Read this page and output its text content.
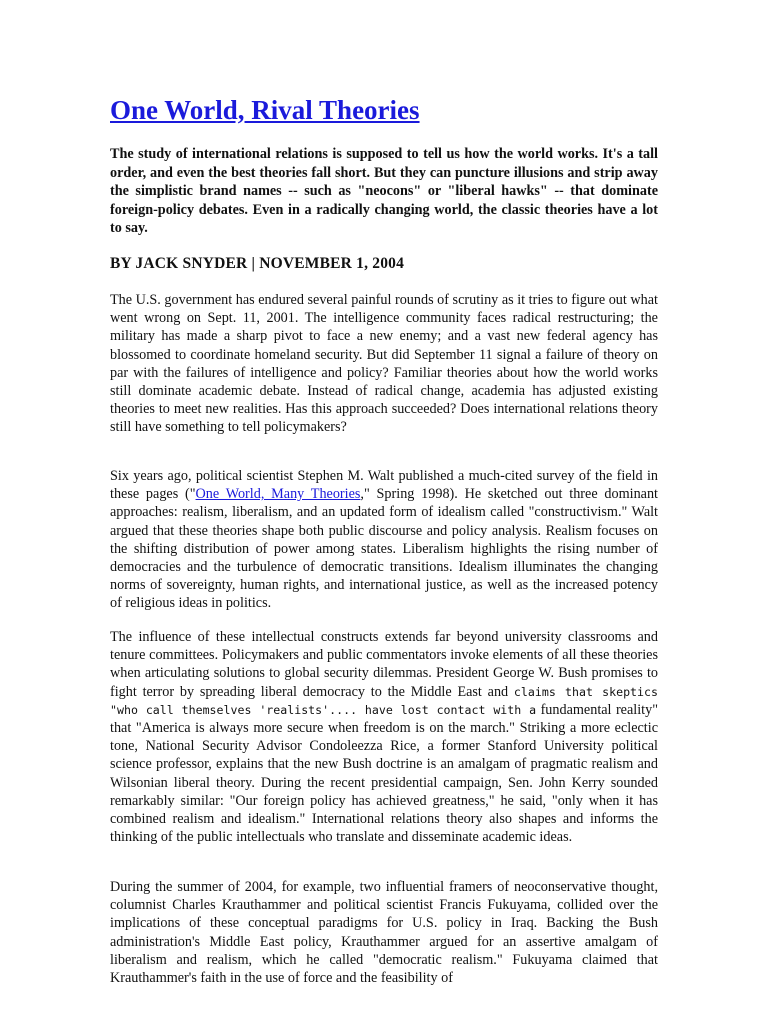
One World, Rival Theories

The study of international relations is supposed to tell us how the world works. It's a tall order, and even the best theories fall short. But they can puncture illusions and strip away the simplistic brand names -- such as "neocons" or "liberal hawks" -- that dominate foreign-policy debates. Even in a radically changing world, the classic theories have a lot to say.

BY JACK SNYDER | NOVEMBER 1, 2004

The U.S. government has endured several painful rounds of scrutiny as it tries to figure out what went wrong on Sept. 11, 2001. The intelligence community faces radical restructuring; the military has made a sharp pivot to face a new enemy; and a vast new federal agency has blossomed to coordinate homeland security. But did September 11 signal a failure of theory on par with the failures of intelligence and policy? Familiar theories about how the world works still dominate academic debate. Instead of radical change, academia has adjusted existing theories to meet new realities. Has this approach succeeded? Does international relations theory still have something to tell policymakers?

Six years ago, political scientist Stephen M. Walt published a much-cited survey of the field in these pages ("One World, Many Theories," Spring 1998). He sketched out three dominant approaches: realism, liberalism, and an updated form of idealism called "constructivism." Walt argued that these theories shape both public discourse and policy analysis. Realism focuses on the shifting distribution of power among states. Liberalism highlights the rising number of democracies and the turbulence of democratic transitions. Idealism illuminates the changing norms of sovereignty, human rights, and international justice, as well as the increased potency of religious ideas in politics.

The influence of these intellectual constructs extends far beyond university classrooms and tenure committees. Policymakers and public commentators invoke elements of all these theories when articulating solutions to global security dilemmas. President George W. Bush promises to fight terror by spreading liberal democracy to the Middle East and claims that skeptics "who call themselves 'realists'.... have lost contact with a fundamental reality" that "America is always more secure when freedom is on the march." Striking a more eclectic tone, National Security Advisor Condoleezza Rice, a former Stanford University political science professor, explains that the new Bush doctrine is an amalgam of pragmatic realism and Wilsonian liberal theory. During the recent presidential campaign, Sen. John Kerry sounded remarkably similar: "Our foreign policy has achieved greatness," he said, "only when it has combined realism and idealism." International relations theory also shapes and informs the thinking of the public intellectuals who translate and disseminate academic ideas.

During the summer of 2004, for example, two influential framers of neoconservative thought, columnist Charles Krauthammer and political scientist Francis Fukuyama, collided over the implications of these conceptual paradigms for U.S. policy in Iraq. Backing the Bush administration's Middle East policy, Krauthammer argued for an assertive amalgam of liberalism and realism, which he called "democratic realism." Fukuyama claimed that Krauthammer's faith in the use of force and the feasibility of
